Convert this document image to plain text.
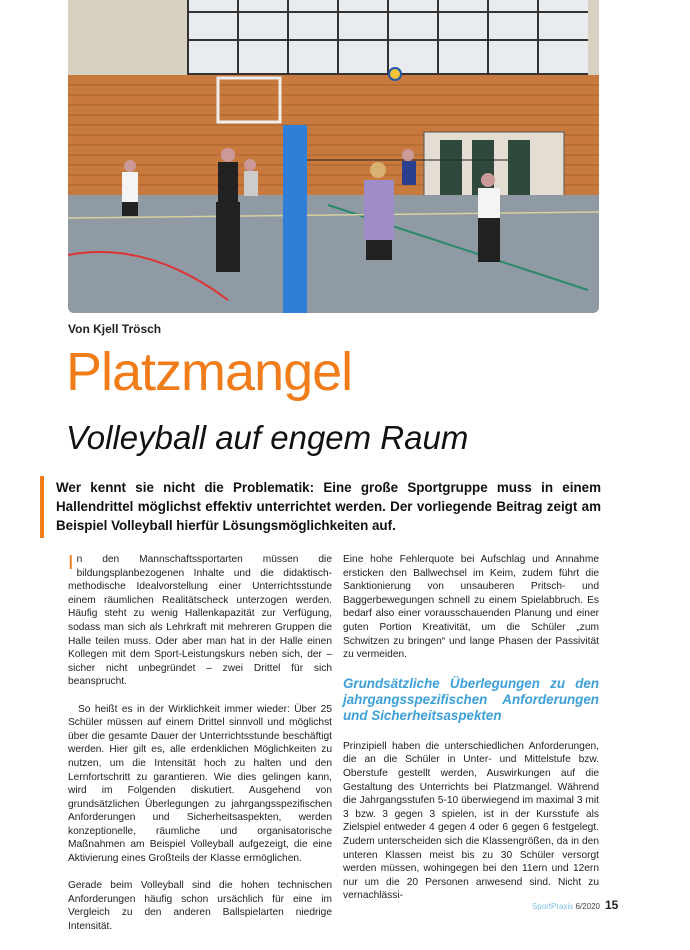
Von Kjell Trösch
Platzmangel
Volleyball auf engem Raum
Wer kennt sie nicht die Problematik: Eine große Sportgruppe muss in einem Hallendrittel möglichst effektiv unterrichtet werden. Der vorliegende Beitrag zeigt am Beispiel Volleyball hierfür Lösungsmöglichkeiten auf.

In den Mannschaftssportarten müssen die bildungsplanbezogenen Inhalte und die didaktisch-methodische Idealvorstellung einer Unterrichtsstunde einem räumlichen Realitätscheck unterzogen werden. Häufig steht zu wenig Hallenkapazität zur Verfügung, sodass man sich als Lehrkraft mit mehreren Gruppen die Halle teilen muss. Oder aber man hat in der Halle einen Kollegen mit dem Sport-Leistungskurs neben sich, der – sicher nicht unbegründet – zwei Drittel für sich beansprucht.

So heißt es in der Wirklichkeit immer wieder: Über 25 Schüler müssen auf einem Drittel sinnvoll und möglichst über die gesamte Dauer der Unterrichtsstunde beschäftigt werden. Hier gilt es, alle erdenklichen Möglichkeiten zu nutzen, um die Intensität hoch zu halten und den Lernfortschritt zu garantieren. Wie dies gelingen kann, wird im Folgenden diskutiert. Ausgehend von grundsätzlichen Überlegungen zu jahrgangsspezifischen Anforderungen und Sicherheitsaspekten, werden konzeptionelle, räumliche und organisatorische Maßnahmen am Beispiel Volleyball aufgezeigt, die eine Aktivierung eines Großteils der Klasse ermöglichen.

Gerade beim Volleyball sind die hohen technischen Anforderungen häufig schon ursächlich für eine im Vergleich zu den anderen Ballspielarten niedrige Intensität.

Eine hohe Fehlerquote bei Aufschlag und Annahme ersticken den Ballwechsel im Keim, zudem führt die Sanktionierung von unsauberen Pritsch- und Baggerbewegungen schnell zu einem Spielabbruch. Es bedarf also einer vorausschauenden Planung und einer guten Portion Kreativität, um die Schüler „zum Schwitzen zu bringen“ und lange Phasen der Passivität zu vermeiden.

Grundsätzliche Überlegungen zu den jahrgangsspezifischen Anforderungen und Sicherheitsaspekten

Prinzipiell haben die unterschiedlichen Anforderungen, die an die Schüler in Unter- und Mittelstufe bzw. Oberstufe gestellt werden, Auswirkungen auf die Gestaltung des Unterrichts bei Platzmangel. Während die Jahrgangsstufen 5-10 überwiegend im maximal 3 mit 3 bzw. 3 gegen 3 spielen, ist in der Kursstufe als Zielspiel entweder 4 gegen 4 oder 6 gegen 6 festgelegt. Zudem unterscheiden sich die Klassengrößen, da in den unteren Klassen meist bis zu 30 Schüler versorgt werden müssen, wohingegen bei den 11ern und 12ern nur um die 20 Personen anwesend sind. Nicht zu vernachlässi-

SportPraxis 6/2020 15
